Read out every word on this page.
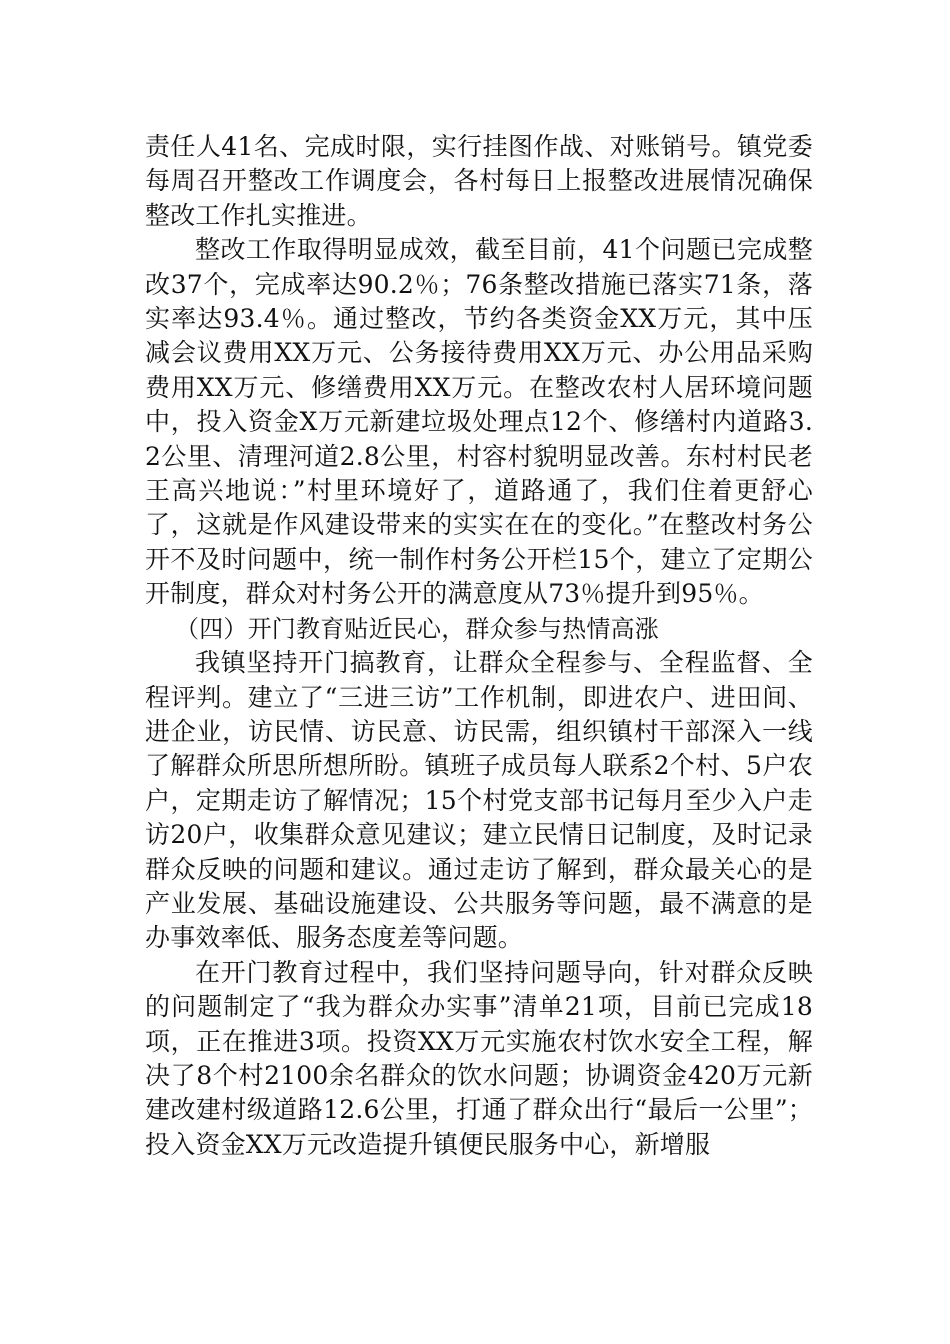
责任人41名、完成时限，实行挂图作战、对账销号。镇党委每周召开整改工作调度会，各村每日上报整改进展情况确保整改工作扎实推进。

整改工作取得明显成效，截至目前，41个问题已完成整改37个，完成率达90.2％；76条整改措施已落实71条，落实率达93.4％。通过整改，节约各类资金XX万元，其中压减会议费用XX万元、公务接待费用XX万元、办公用品采购费用XX万元、修缮费用XX万元。在整改农村人居环境问题中，投入资金X万元新建垃圾处理点12个、修缮村内道路3.2公里、清理河道2.8公里，村容村貌明显改善。东村村民老王高兴地说：”村里环境好了，道路通了，我们住着更舒心了，这就是作风建设带来的实实在在的变化。”在整改村务公开不及时问题中，统一制作村务公开栏15个，建立了定期公开制度，群众对村务公开的满意度从73％提升到95％。

（四）开门教育贴近民心，群众参与热情高涨

我镇坚持开门搞教育，让群众全程参与、全程监督、全程评判。建立了“三进三访”工作机制，即进农户、进田间、进企业，访民情、访民意、访民需，组织镇村干部深入一线了解群众所思所想所盼。镇班子成员每人联系2个村、5户农户，定期走访了解情况；15个村党支部书记每月至少入户走访20户，收集群众意见建议；建立民情日记制度，及时记录群众反映的问题和建议。通过走访了解到，群众最关心的是产业发展、基础设施建设、公共服务等问题，最不满意的是办事效率低、服务态度差等问题。

在开门教育过程中，我们坚持问题导向，针对群众反映的问题制定了“我为群众办实事”清单21项，目前已完成18项，正在推进3项。投资XX万元实施农村饮水安全工程，解决了8个村2100余名群众的饮水问题；协调资金420万元新建改建村级道路12.6公里，打通了群众出行“最后一公里”；投入资金XX万元改造提升镇便民服务中心，新增服
